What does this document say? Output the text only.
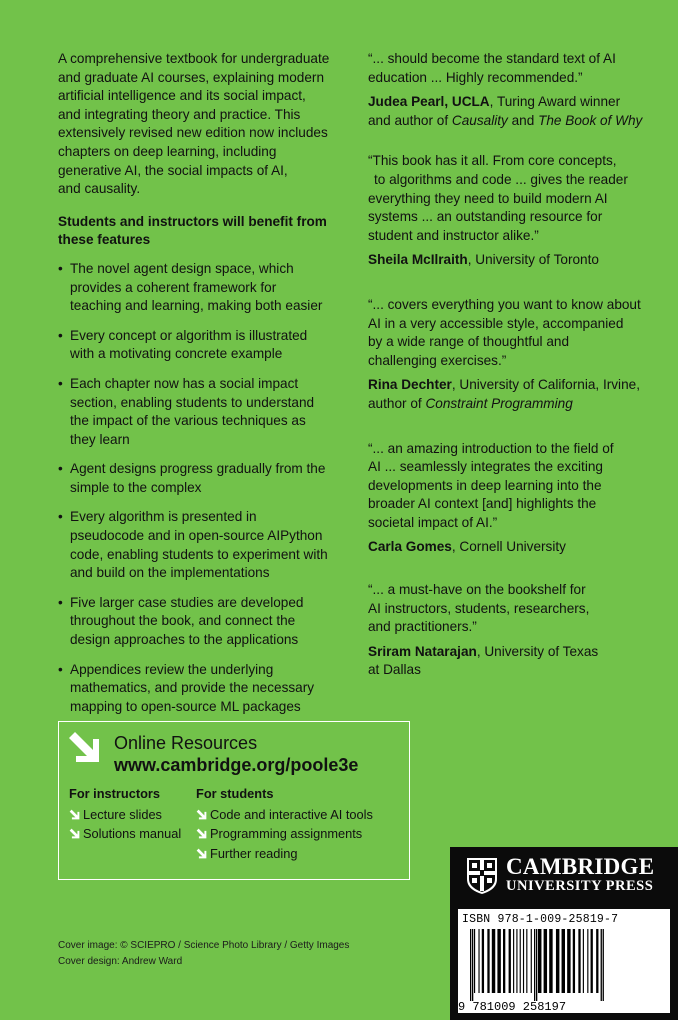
A comprehensive textbook for undergraduate
and graduate AI courses, explaining modern
artificial intelligence and its social impact,
and integrating theory and practice. This
extensively revised new edition now includes
chapters on deep learning, including
generative AI, the social impacts of AI,
and causality.

Students and instructors will benefit from
these features

• The novel agent design space, which
provides a coherent framework for
teaching and learning, making both easier
• Every concept or algorithm is illustrated
with a motivating concrete example
• Each chapter now has a social impact
section, enabling students to understand
the impact of the various techniques as
they learn
• Agent designs progress gradually from the
simple to the complex
• Every algorithm is presented in
pseudocode and in open-source AIPython
code, enabling students to experiment with
and build on the implementations
• Five larger case studies are developed
throughout the book, and connect the
design approaches to the applications
• Appendices review the underlying
mathematics, and provide the necessary
mapping to open-source ML packages

“... should become the standard text of AI
education ... Highly recommended.”

Judea Pearl, UCLA, Turing Award winner
and author of Causality and The Book of Why

“This book has it all. From core concepts,
to algorithms and code ... gives the reader
everything they need to build modern AI
systems ... an outstanding resource for
student and instructor alike.”

Sheila McIlraith, University of Toronto

“... covers everything you want to know about
AI in a very accessible style, accompanied
by a wide range of thoughtful and
challenging exercises.”

Rina Dechter, University of California, Irvine,
author of Constraint Programming

“... an amazing introduction to the field of
AI ... seamlessly integrates the exciting
developments in deep learning into the
broader AI context [and] highlights the
societal impact of AI.”

Carla Gomes, Cornell University

“... a must-have on the bookshelf for
AI instructors, students, researchers,
and practitioners.”

Sriram Natarajan, University of Texas
at Dallas

Online Resources
www.cambridge.org/poole3e
For instructors
Lecture slides
Solutions manual
For students
Code and interactive AI tools
Programming assignments
Further reading
Cover image: © SCIEPRO / Science Photo Library / Getty Images
Cover design: Andrew Ward
CAMBRIDGE
UNIVERSITY PRESS
ISBN 978-1-009-25819-7
9 781009 258197
